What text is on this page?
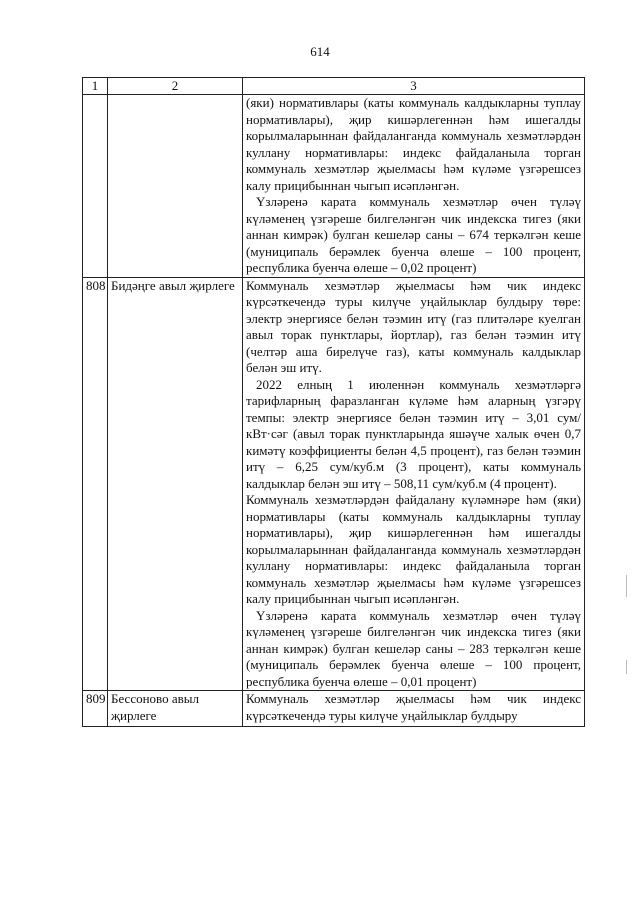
614
1	2	3

		(яки) нормативлары (каты коммуналь калдыкларны туплау нормативлары), җир кишәрлегеннән һәм ишегалды корылмаларыннан файдаланганда коммуналь хезмәтләрдән куллану нормативлары: индекс файдаланыла торган коммуналь хезмәтләр җыелмасы һәм күләме үзгәрешсез калу прицибыннан чыгып исәпләнгән.

Үзләренә карата коммуналь хезмәтләр өчен түләү күләменең үзгәреше билгеләнгән чик индекска тигез (яки аннан кимрәк) булган кешеләр саны – 674 теркәлгән кеше (муниципаль берәмлек буенча өлеше – 100 процент, республика буенча өлеше – 0,02 процент)

808	Бидәңге авыл җирлеге	Коммуналь хезмәтләр җыелмасы һәм чик индекс күрсәткечендә туры килүче уңайлыклар булдыру төре: электр энергиясе белән тәэмин итү (газ плитәләре куелган авыл торак пунктлары, йортлар), газ белән тәэмин итү (челтәр аша бирелүче газ), каты коммуналь калдыклар белән эш итү.

2022 елның 1 июленнән коммуналь хезмәтләргә тарифларның фаразланган күләме һәм аларның үзгәрү темпы: электр энергиясе белән тәэмин итү – 3,01 сум/кВт·сәг (авыл торак пунктларында яшәүче халык өчен 0,7 кимәтү коэффициенты белән 4,5 процент), газ белән тәэмин итү – 6,25 сум/куб.м (3 процент), каты коммуналь калдыклар белән эш итү – 508,11 сум/куб.м (4 процент).

Коммуналь хезмәтләрдән файдалану күләмнәре һәм (яки) нормативлары (каты коммуналь калдыкларны туплау нормативлары), җир кишәрлегеннән һәм ишегалды корылмаларыннан файдаланганда коммуналь хезмәтләрдән куллану нормативлары: индекс файдаланыла торган коммуналь хезмәтләр җыелмасы һәм күләме үзгәрешсез калу прицибыннан чыгып исәпләнгән.

Үзләренә карата коммуналь хезмәтләр өчен түләү күләменең үзгәреше билгеләнгән чик индекска тигез (яки аннан кимрәк) булган кешеләр саны – 283 теркәлгән кеше (муниципаль берәмлек буенча өлеше – 100 процент, республика буенча өлеше – 0,01 процент)

809	Бессоново авыл җирлеге	Коммуналь хезмәтләр җыелмасы һәм чик индекс күрсәткечендә туры килүче уңайлыклар булдыру
